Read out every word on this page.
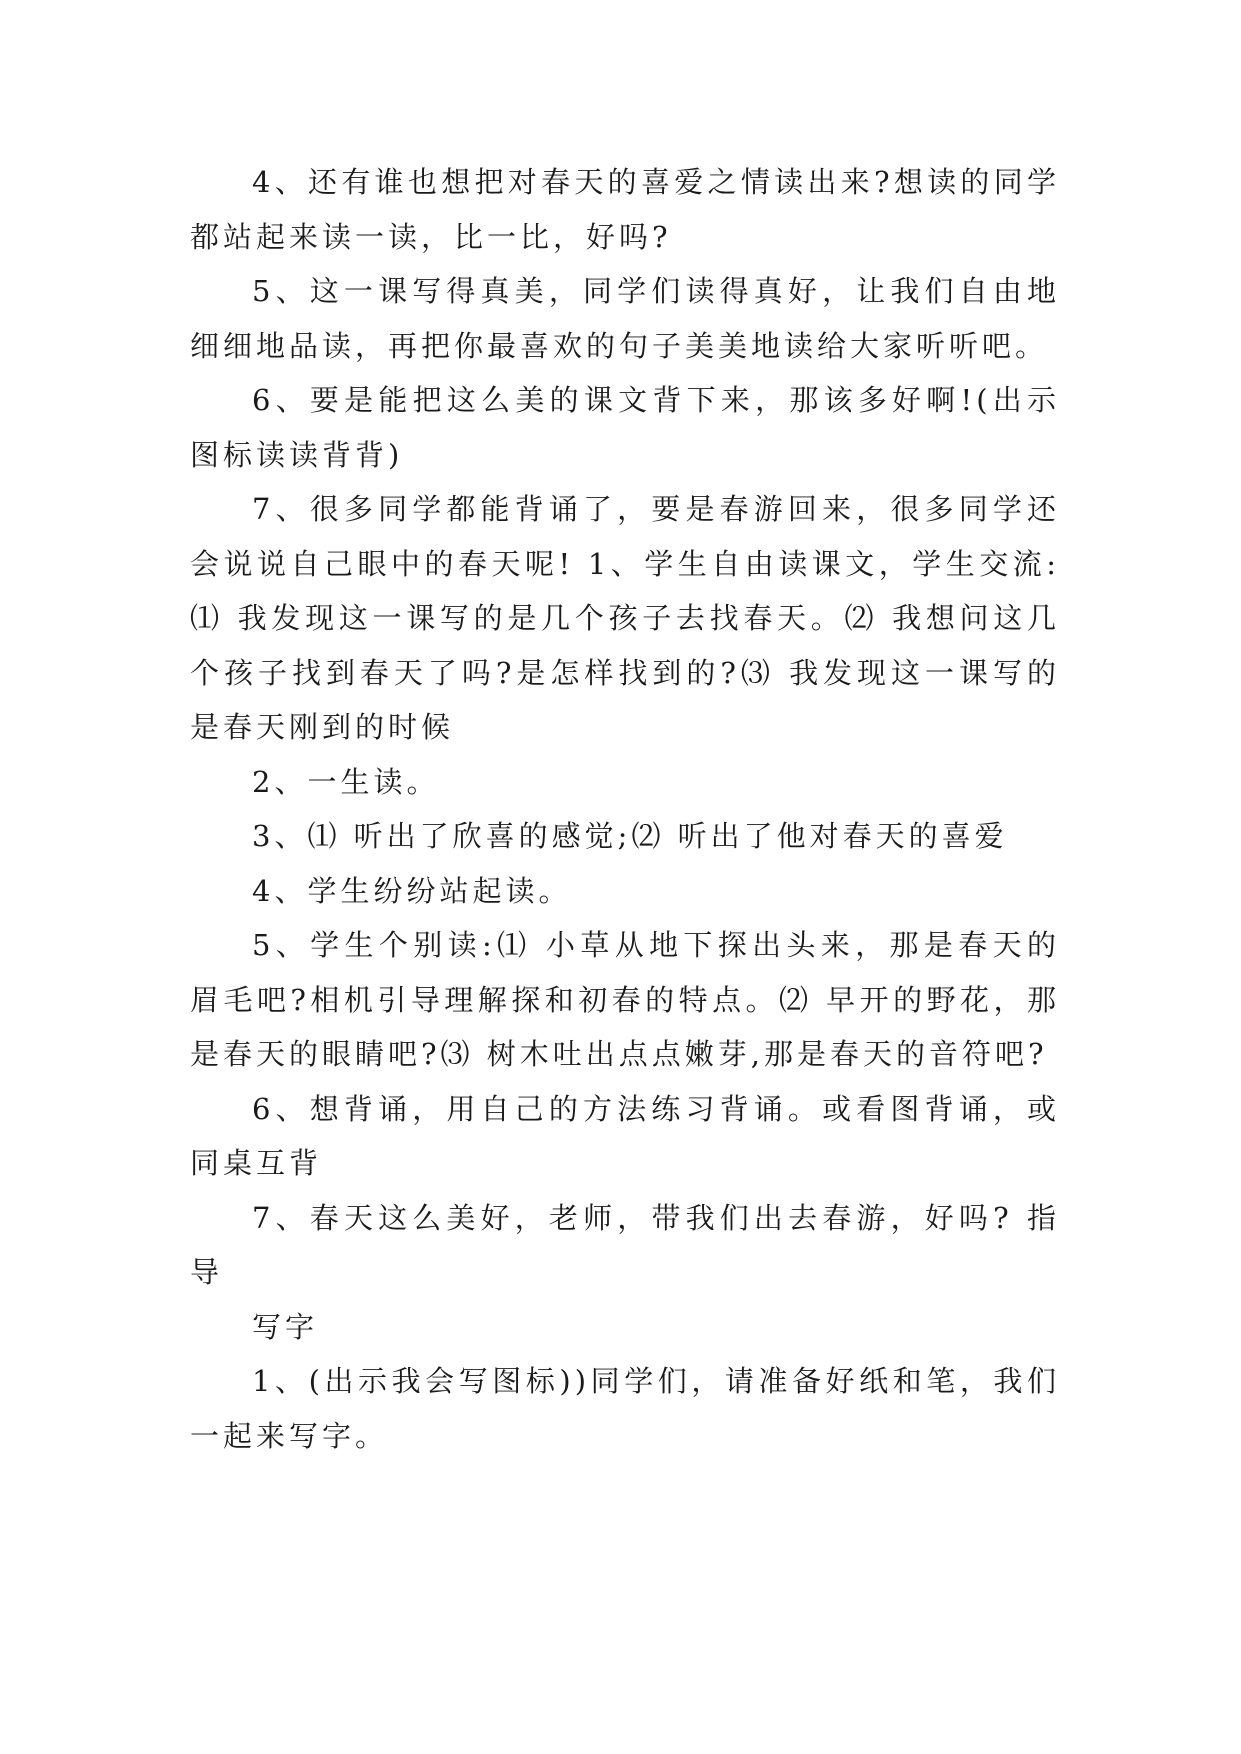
4、还有谁也想把对春天的喜爱之情读出来?想读的同学都站起来读一读，比一比，好吗?

5、这一课写得真美，同学们读得真好，让我们自由地细细地品读，再把你最喜欢的句子美美地读给大家听听吧。

6、要是能把这么美的课文背下来，那该多好啊!(出示图标读读背背)

7、很多同学都能背诵了，要是春游回来，很多同学还会说说自己眼中的春天呢! 1、学生自由读课文，学生交流:⑴ 我发现这一课写的是几个孩子去找春天。⑵ 我想问这几个孩子找到春天了吗?是怎样找到的?⑶ 我发现这一课写的是春天刚到的时候

2、一生读。

3、⑴ 听出了欣喜的感觉;⑵ 听出了他对春天的喜爱

4、学生纷纷站起读。

5、学生个别读:⑴ 小草从地下探出头来，那是春天的眉毛吧?相机引导理解探和初春的特点。⑵ 早开的野花，那是春天的眼睛吧?⑶ 树木吐出点点嫩芽,那是春天的音符吧?

6、想背诵，用自己的方法练习背诵。或看图背诵，或同桌互背

7、春天这么美好，老师，带我们出去春游，好吗? 指导

写字

1、(出示我会写图标))同学们，请准备好纸和笔，我们一起来写字。
